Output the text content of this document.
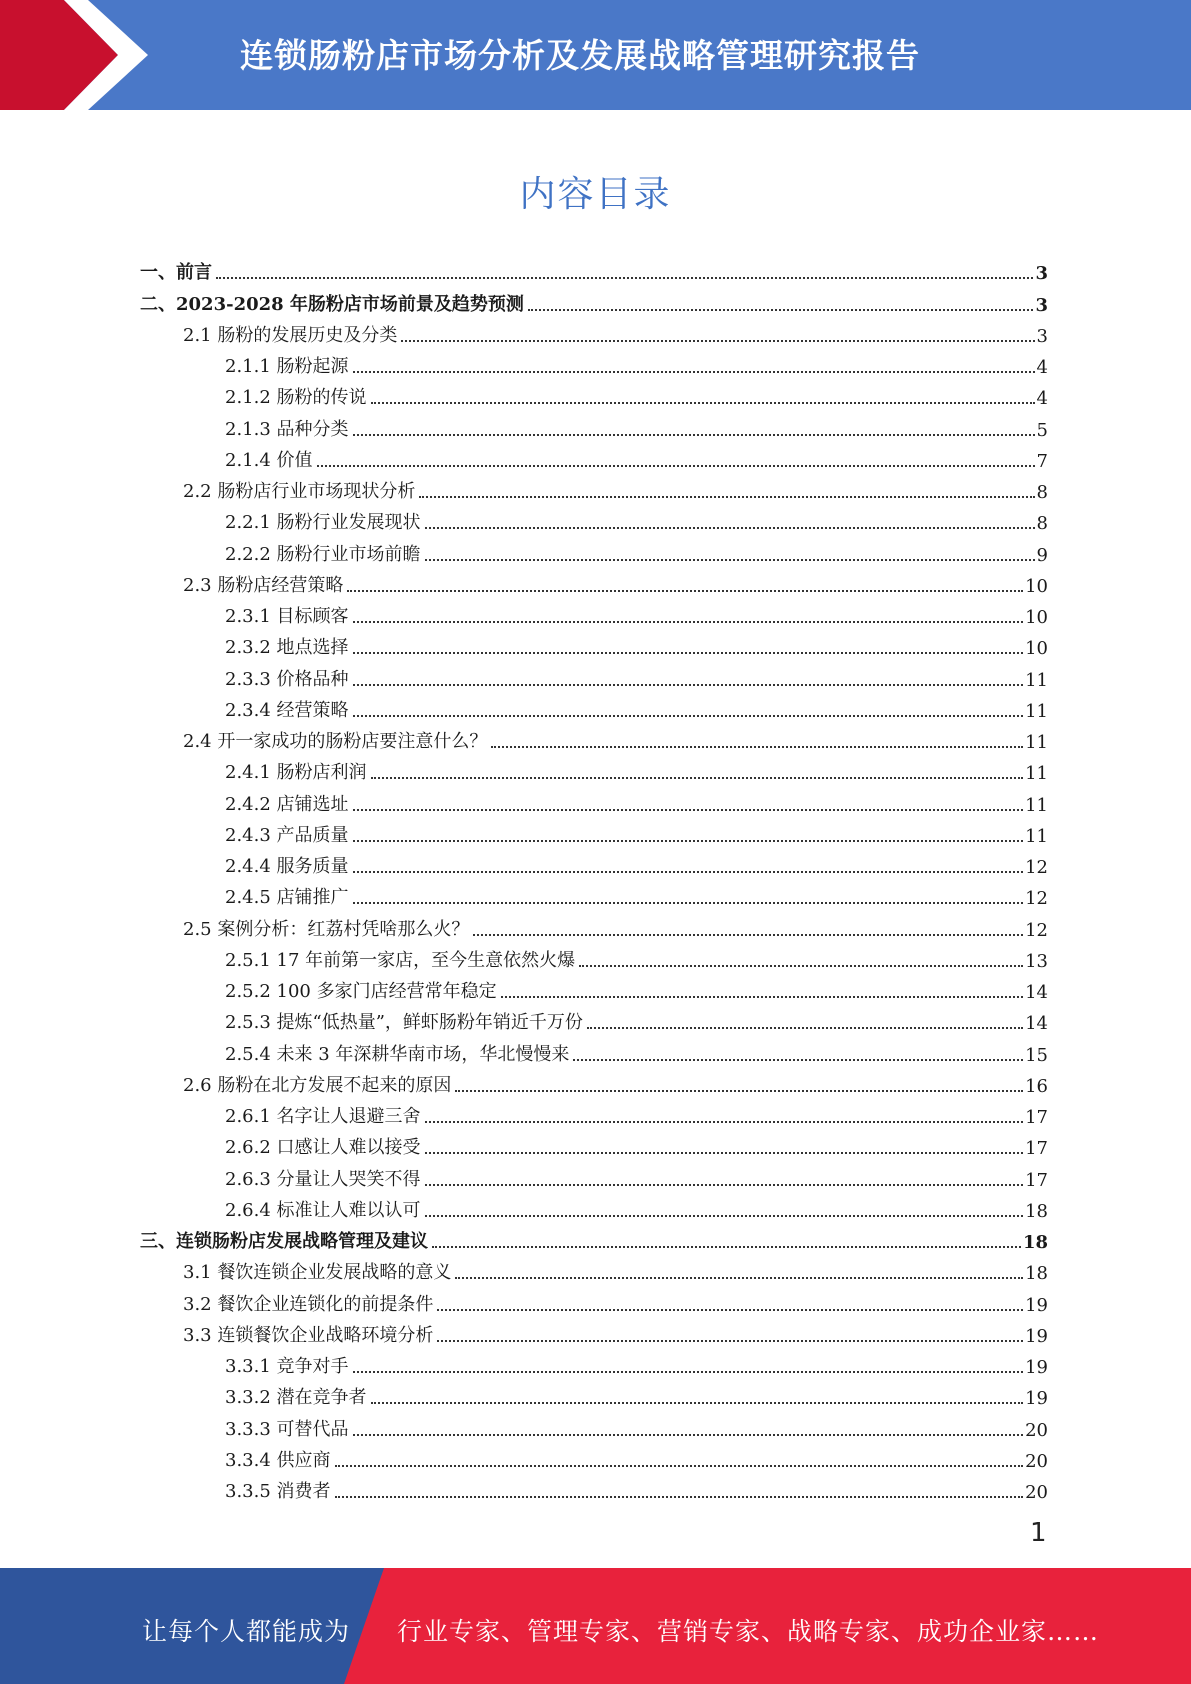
连锁肠粉店市场分析及发展战略管理研究报告
内容目录
一、前言	3
二、2023-2028 年肠粉店市场前景及趋势预测	3
2.1 肠粉的发展历史及分类	3
2.1.1 肠粉起源	4
2.1.2 肠粉的传说	4
2.1.3 品种分类	5
2.1.4 价值	7
2.2 肠粉店行业市场现状分析	8
2.2.1 肠粉行业发展现状	8
2.2.2 肠粉行业市场前瞻	9
2.3 肠粉店经营策略	10
2.3.1 目标顾客	10
2.3.2 地点选择	10
2.3.3 价格品种	11
2.3.4 经营策略	11
2.4 开一家成功的肠粉店要注意什么？	11
2.4.1 肠粉店利润	11
2.4.2 店铺选址	11
2.4.3 产品质量	11
2.4.4 服务质量	12
2.4.5 店铺推广	12
2.5 案例分析：红荔村凭啥那么火？	12
2.5.1 17 年前第一家店，至今生意依然火爆	13
2.5.2 100 多家门店经营常年稳定	14
2.5.3 提炼“低热量”，鲜虾肠粉年销近千万份	14
2.5.4 未来 3 年深耕华南市场，华北慢慢来	15
2.6 肠粉在北方发展不起来的原因	16
2.6.1 名字让人退避三舍	17
2.6.2 口感让人难以接受	17
2.6.3 分量让人哭笑不得	17
2.6.4 标准让人难以认可	18
三、连锁肠粉店发展战略管理及建议	18
3.1 餐饮连锁企业发展战略的意义	18
3.2 餐饮企业连锁化的前提条件	19
3.3 连锁餐饮企业战略环境分析	19
3.3.1 竞争对手	19
3.3.2 潜在竞争者	19
3.3.3 可替代品	20
3.3.4 供应商	20
3.3.5 消费者	20
1
让每个人都能成为 行业专家、管理专家、营销专家、战略专家、成功企业家……
